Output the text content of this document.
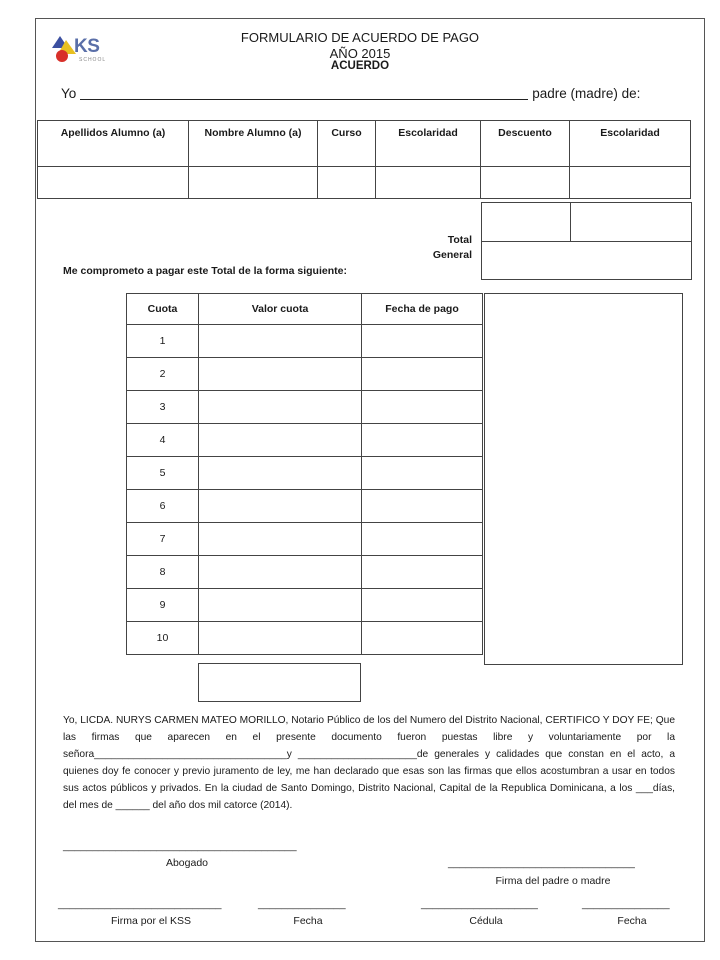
KS
SCHOOL
FORMULARIO DE ACUERDO DE PAGO
AÑO 2015
ACUERDO
Yo	padre (madre) de:
Apellidos Alumno (a)	Nombre Alumno (a)	Curso	Escolaridad	Descuento	Escolaridad

Total
General
Me comprometo a pagar este Total de la forma siguiente:
Cuota	Valor cuota	Fecha de pago
1		
2		
3		
4		
5		
6		
7		
8		
9		
10		
Yo, LICDA. NURYS CARMEN MATEO MORILLO, Notario Público de los del Numero del Distrito Nacional, CERTIFICO Y DOY FE; Que las firmas que aparecen en el presente documento fueron puestas libre y voluntariamente por la señora__________________________________y _____________________de generales y calidades que constan en el acto, a quienes doy fe conocer y previo juramento de ley, me han declarado que esas son las firmas que ellos acostumbran a usar en todos sus actos públicos y privados. En la ciudad de Santo Domingo, Distrito Nacional, Capital de la Republica Dominicana, a los ___días, del mes de ______ del año dos mil catorce (2014).
________________________________________
Abogado	________________________________
Firma del padre o madre
____________________________
Firma por el KSS
_______________
Fecha
____________________
Cédula
_______________
Fecha
